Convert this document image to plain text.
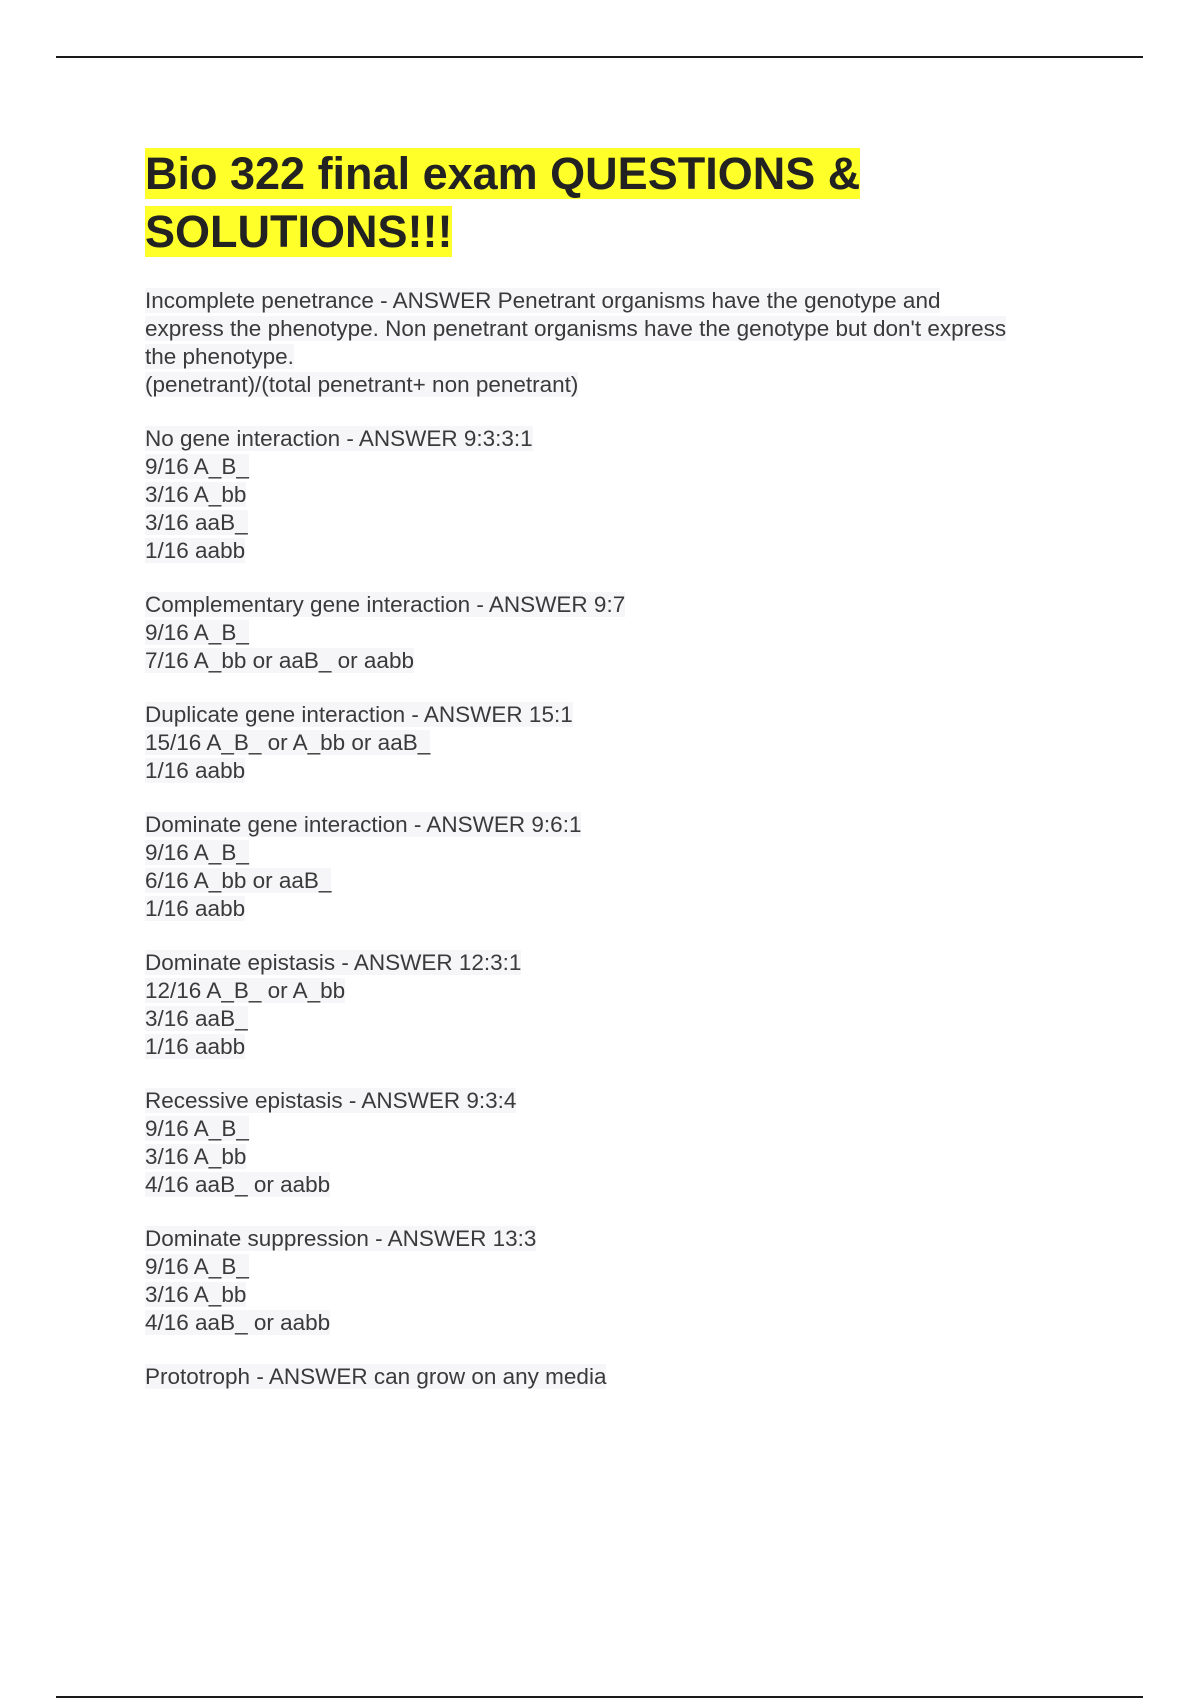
Bio 322 final exam QUESTIONS &
SOLUTIONS!!!
Incomplete penetrance - ANSWER Penetrant organisms have the genotype and
express the phenotype. Non penetrant organisms have the genotype but don't express
the phenotype.
(penetrant)/(total penetrant+ non penetrant)
No gene interaction - ANSWER 9:3:3:1
9/16 A_B_
3/16 A_bb
3/16 aaB_
1/16 aabb
Complementary gene interaction - ANSWER 9:7
9/16 A_B_
7/16 A_bb or aaB_ or aabb
Duplicate gene interaction - ANSWER 15:1
15/16 A_B_ or A_bb or aaB_
1/16 aabb
Dominate gene interaction - ANSWER 9:6:1
9/16 A_B_
6/16 A_bb or aaB_
1/16 aabb
Dominate epistasis - ANSWER 12:3:1
12/16 A_B_ or A_bb
3/16 aaB_
1/16 aabb
Recessive epistasis - ANSWER 9:3:4
9/16 A_B_
3/16 A_bb
4/16 aaB_ or aabb
Dominate suppression - ANSWER 13:3
9/16 A_B_
3/16 A_bb
4/16 aaB_ or aabb
Prototroph - ANSWER can grow on any media
